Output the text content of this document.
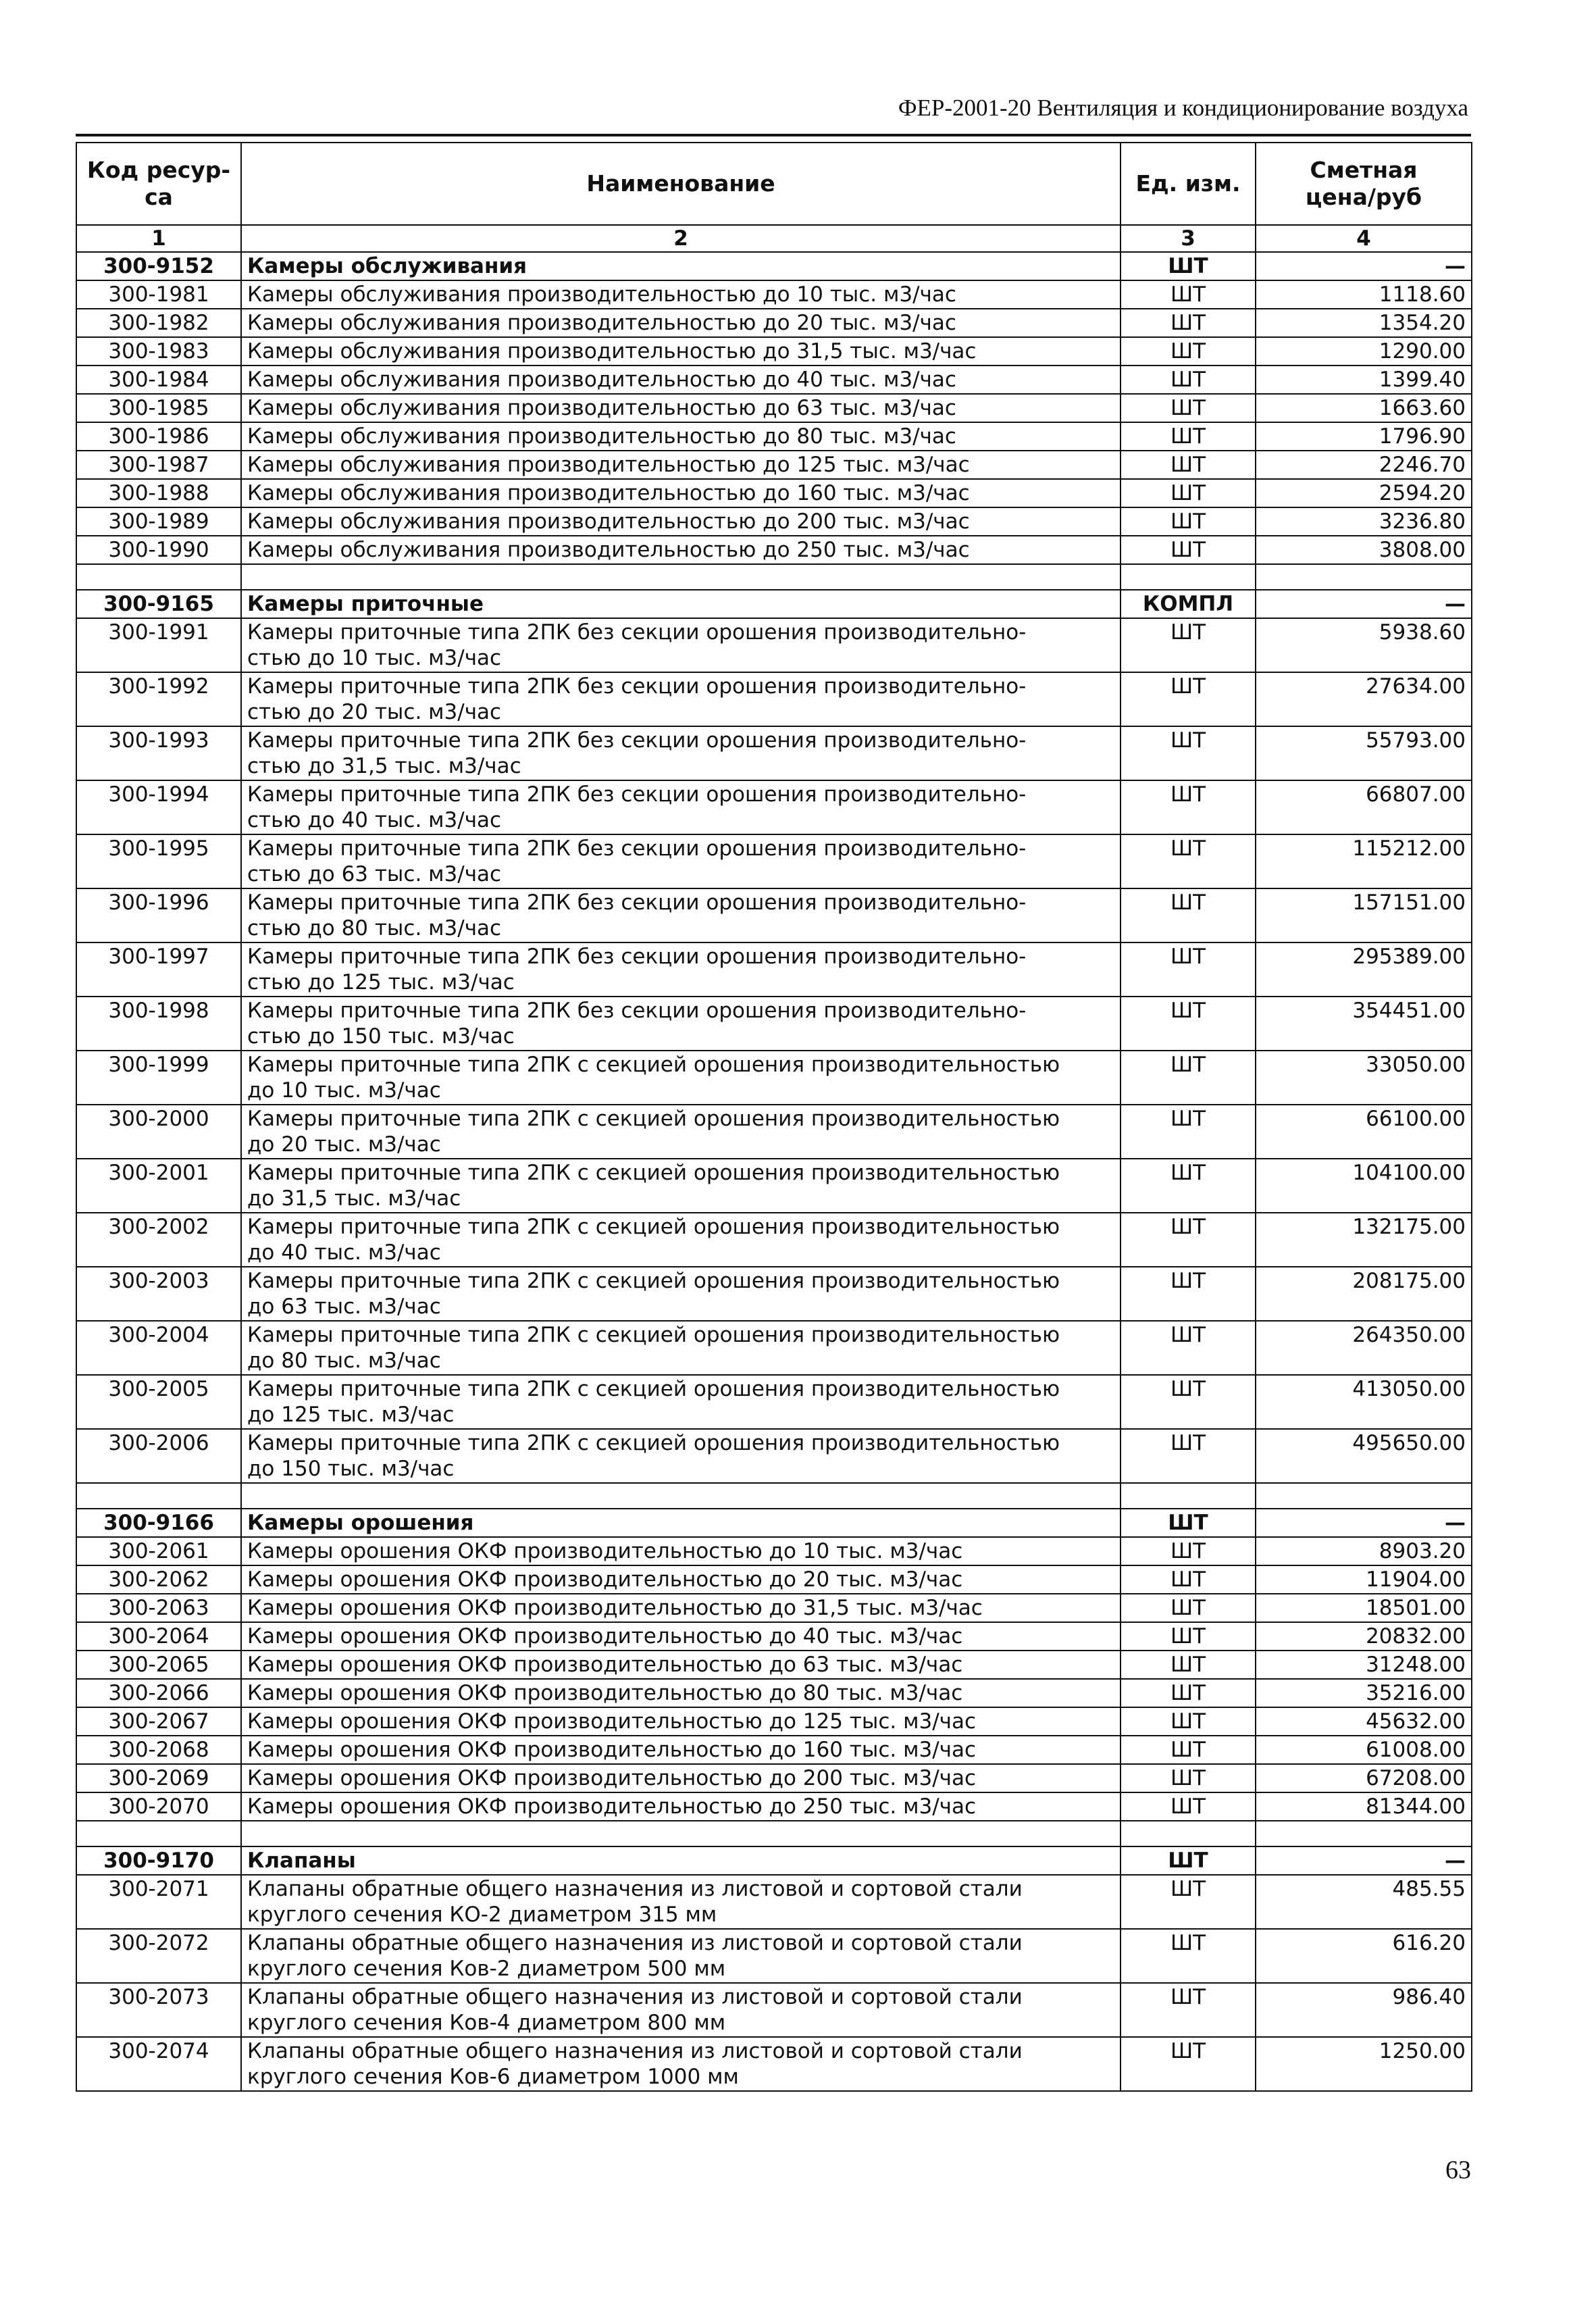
ФЕР-2001-20 Вентиляция и кондиционирование воздуха
Код ресур-
са	Наименование	Ед. изм.	Сметная
цена/руб
1	2	3	4
300-9152	Камеры обслуживания	ШТ	—
300-1981	Камеры обслуживания производительностью до 10 тыс. м3/час	ШТ	1118.60
300-1982	Камеры обслуживания производительностью до 20 тыс. м3/час	ШТ	1354.20
300-1983	Камеры обслуживания производительностью до 31,5 тыс. м3/час	ШТ	1290.00
300-1984	Камеры обслуживания производительностью до 40 тыс. м3/час	ШТ	1399.40
300-1985	Камеры обслуживания производительностью до 63 тыс. м3/час	ШТ	1663.60
300-1986	Камеры обслуживания производительностью до 80 тыс. м3/час	ШТ	1796.90
300-1987	Камеры обслуживания производительностью до 125 тыс. м3/час	ШТ	2246.70
300-1988	Камеры обслуживания производительностью до 160 тыс. м3/час	ШТ	2594.20
300-1989	Камеры обслуживания производительностью до 200 тыс. м3/час	ШТ	3236.80
300-1990	Камеры обслуживания производительностью до 250 тыс. м3/час	ШТ	3808.00

300-9165	Камеры приточные	КОМПЛ	—
300-1991	Камеры приточные типа 2ПК без секции орошения производительно-
стью до 10 тыс. м3/час	ШТ	5938.60
300-1992	Камеры приточные типа 2ПК без секции орошения производительно-
стью до 20 тыс. м3/час	ШТ	27634.00
300-1993	Камеры приточные типа 2ПК без секции орошения производительно-
стью до 31,5 тыс. м3/час	ШТ	55793.00
300-1994	Камеры приточные типа 2ПК без секции орошения производительно-
стью до 40 тыс. м3/час	ШТ	66807.00
300-1995	Камеры приточные типа 2ПК без секции орошения производительно-
стью до 63 тыс. м3/час	ШТ	115212.00
300-1996	Камеры приточные типа 2ПК без секции орошения производительно-
стью до 80 тыс. м3/час	ШТ	157151.00
300-1997	Камеры приточные типа 2ПК без секции орошения производительно-
стью до 125 тыс. м3/час	ШТ	295389.00
300-1998	Камеры приточные типа 2ПК без секции орошения производительно-
стью до 150 тыс. м3/час	ШТ	354451.00
300-1999	Камеры приточные типа 2ПК с секцией орошения производительностью
до 10 тыс. м3/час	ШТ	33050.00
300-2000	Камеры приточные типа 2ПК с секцией орошения производительностью
до 20 тыс. м3/час	ШТ	66100.00
300-2001	Камеры приточные типа 2ПК с секцией орошения производительностью
до 31,5 тыс. м3/час	ШТ	104100.00
300-2002	Камеры приточные типа 2ПК с секцией орошения производительностью
до 40 тыс. м3/час	ШТ	132175.00
300-2003	Камеры приточные типа 2ПК с секцией орошения производительностью
до 63 тыс. м3/час	ШТ	208175.00
300-2004	Камеры приточные типа 2ПК с секцией орошения производительностью
до 80 тыс. м3/час	ШТ	264350.00
300-2005	Камеры приточные типа 2ПК с секцией орошения производительностью
до 125 тыс. м3/час	ШТ	413050.00
300-2006	Камеры приточные типа 2ПК с секцией орошения производительностью
до 150 тыс. м3/час	ШТ	495650.00

300-9166	Камеры орошения	ШТ	—
300-2061	Камеры орошения ОКФ производительностью до 10 тыс. м3/час	ШТ	8903.20
300-2062	Камеры орошения ОКФ производительностью до 20 тыс. м3/час	ШТ	11904.00
300-2063	Камеры орошения ОКФ производительностью до 31,5 тыс. м3/час	ШТ	18501.00
300-2064	Камеры орошения ОКФ производительностью до 40 тыс. м3/час	ШТ	20832.00
300-2065	Камеры орошения ОКФ производительностью до 63 тыс. м3/час	ШТ	31248.00
300-2066	Камеры орошения ОКФ производительностью до 80 тыс. м3/час	ШТ	35216.00
300-2067	Камеры орошения ОКФ производительностью до 125 тыс. м3/час	ШТ	45632.00
300-2068	Камеры орошения ОКФ производительностью до 160 тыс. м3/час	ШТ	61008.00
300-2069	Камеры орошения ОКФ производительностью до 200 тыс. м3/час	ШТ	67208.00
300-2070	Камеры орошения ОКФ производительностью до 250 тыс. м3/час	ШТ	81344.00

300-9170	Клапаны	ШТ	—
300-2071	Клапаны обратные общего назначения из листовой и сортовой стали
круглого сечения КО-2 диаметром 315 мм	ШТ	485.55
300-2072	Клапаны обратные общего назначения из листовой и сортовой стали
круглого сечения Ков-2 диаметром 500 мм	ШТ	616.20
300-2073	Клапаны обратные общего назначения из листовой и сортовой стали
круглого сечения Ков-4 диаметром 800 мм	ШТ	986.40
300-2074	Клапаны обратные общего назначения из листовой и сортовой стали
круглого сечения Ков-6 диаметром 1000 мм	ШТ	1250.00
63
